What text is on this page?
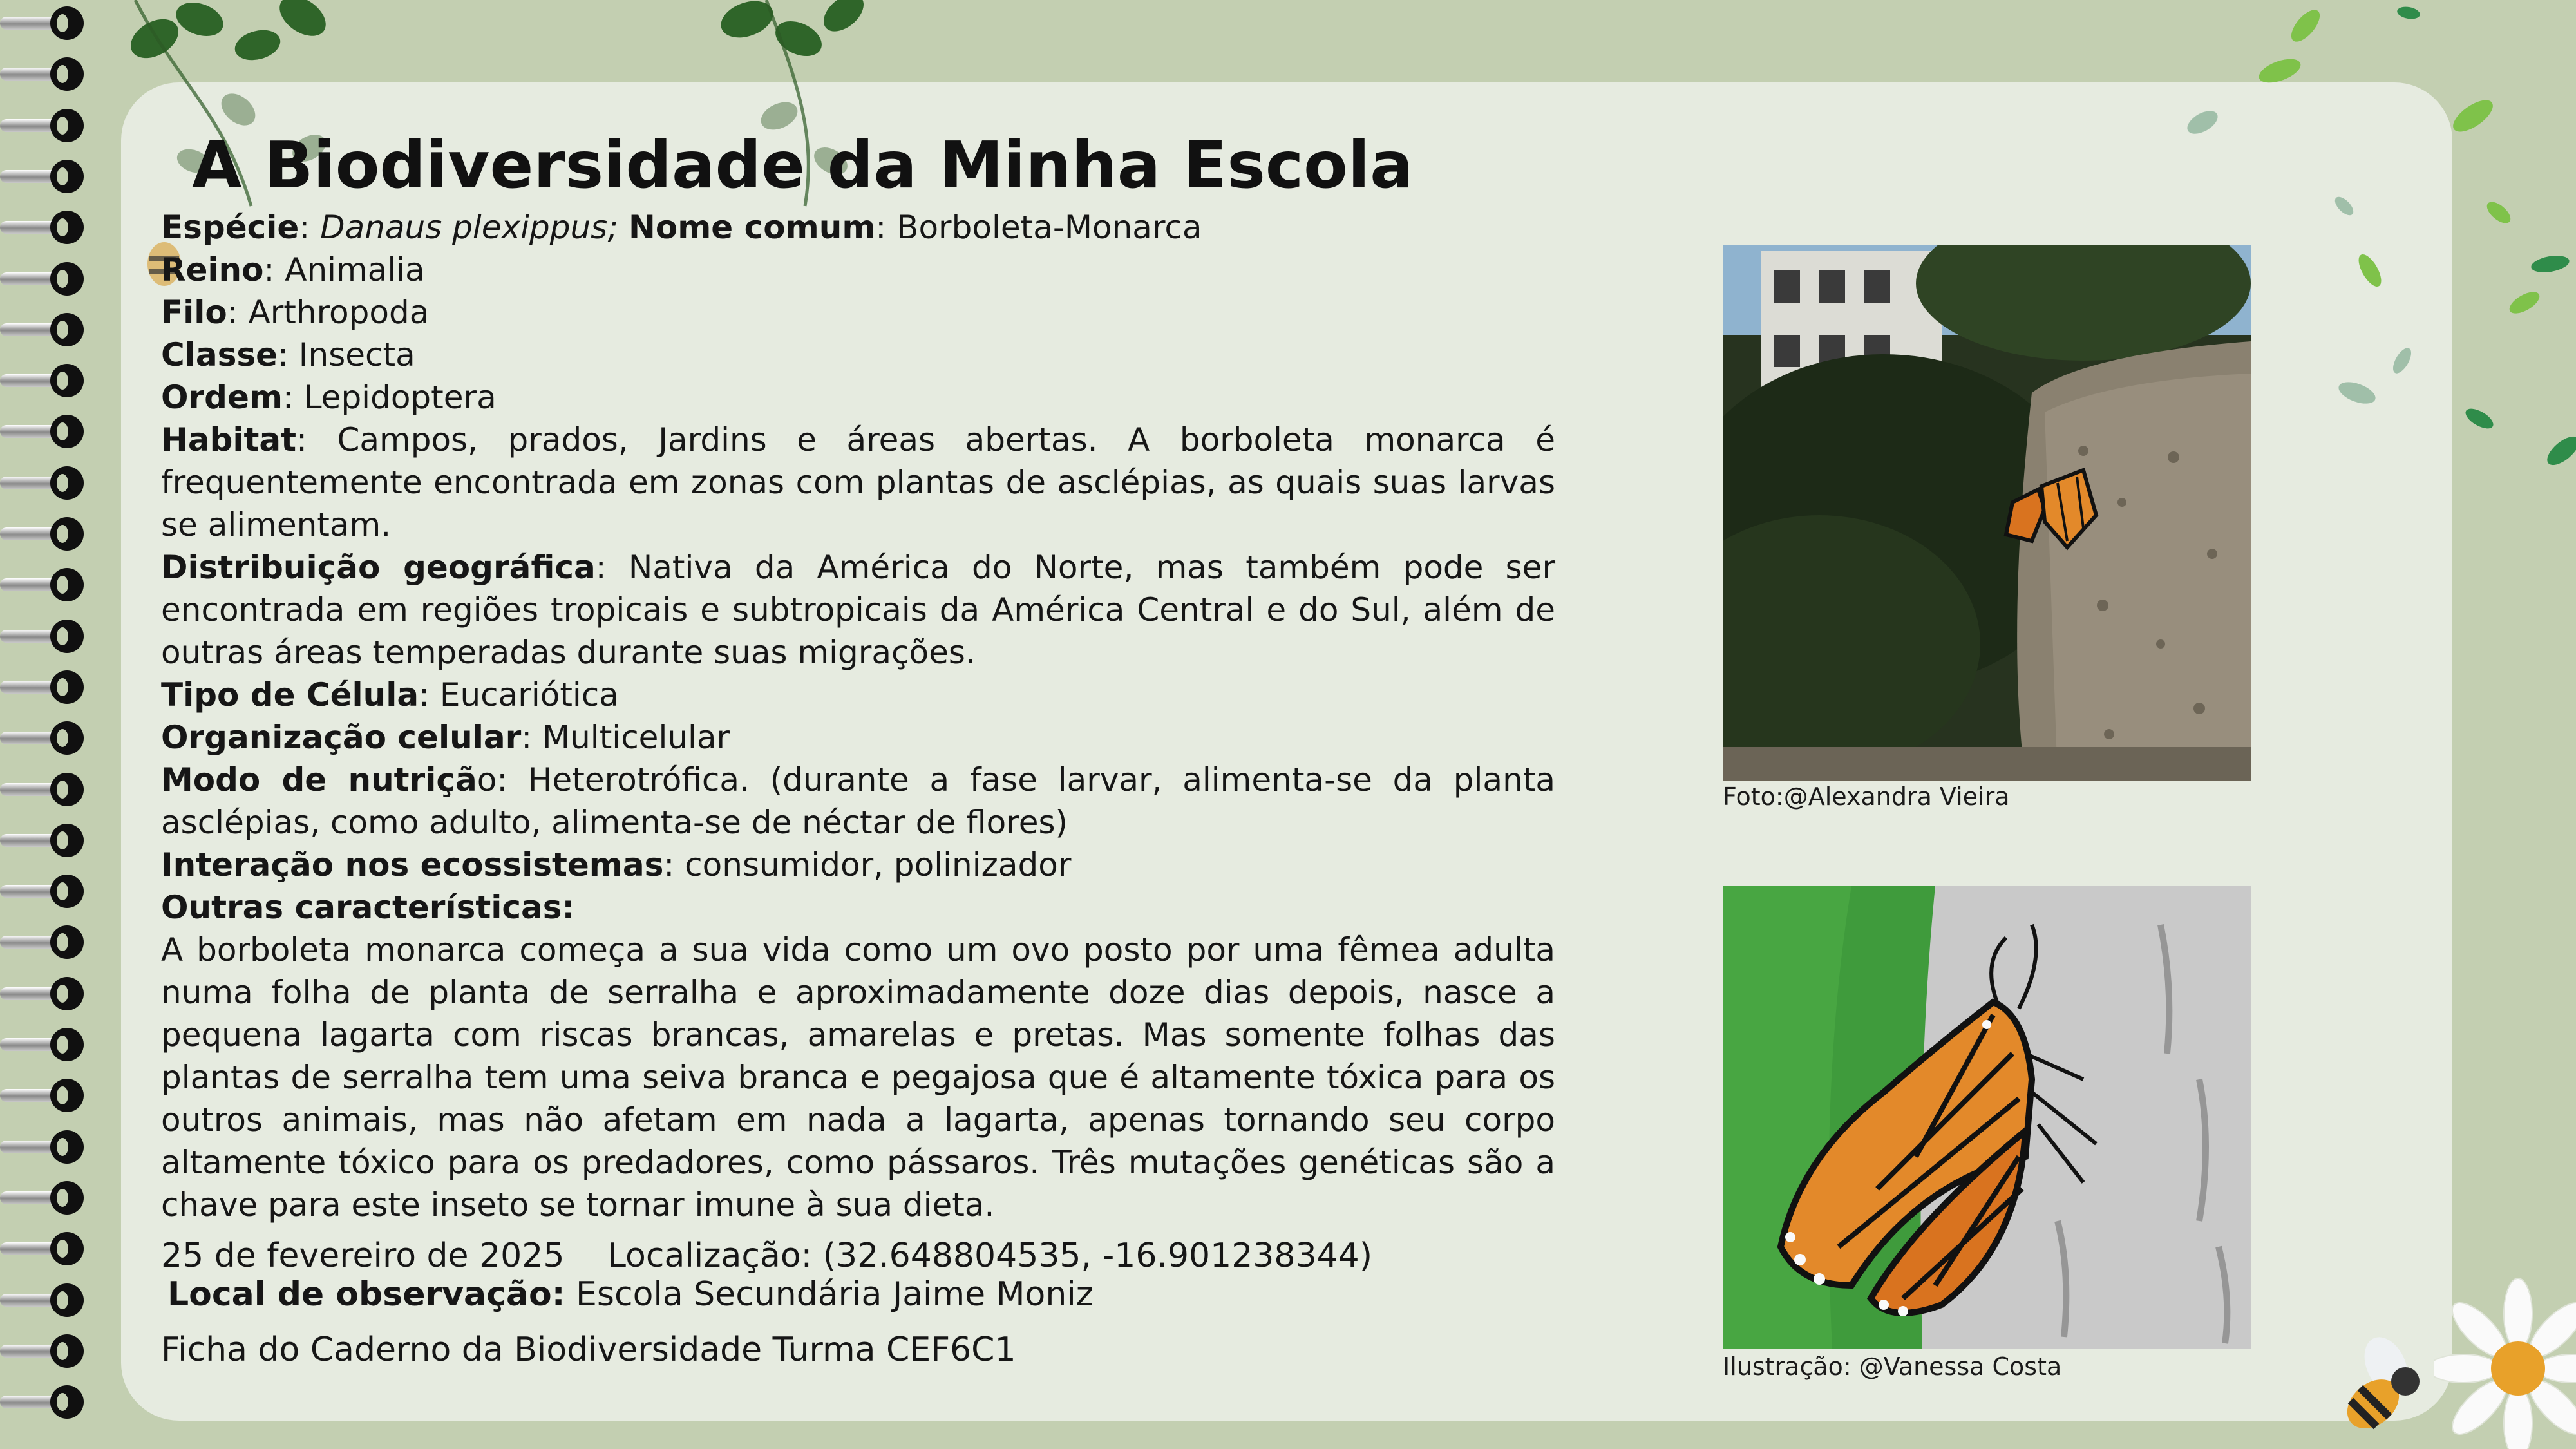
A Biodiversidade da Minha Escola
Espécie: Danaus plexippus; Nome comum: Borboleta-Monarca
Reino: Animalia
Filo: Arthropoda
Classe: Insecta
Ordem: Lepidoptera
Habitat: Campos, prados, Jardins e áreas abertas. A borboleta monarca é frequentemente encontrada em zonas com plantas de asclépias, as quais suas larvas se alimentam.
Distribuição geográfica: Nativa da América do Norte, mas também pode ser encontrada em regiões tropicais e subtropicais da América Central e do Sul, além de outras áreas temperadas durante suas migrações.
Tipo de Célula: Eucariótica
Organização celular: Multicelular
Modo de nutrição: Heterotrófica. (durante a fase larvar, alimenta-se da planta asclépias, como adulto, alimenta-se de néctar de flores)
Interação nos ecossistemas: consumidor, polinizador
Outras características:
A borboleta monarca começa a sua vida como um ovo posto por uma fêmea adulta numa folha de planta de serralha e aproximadamente doze dias depois, nasce a pequena lagarta com riscas brancas, amarelas e pretas. Mas somente folhas das plantas de serralha tem uma seiva branca e pegajosa que é altamente tóxica para os outros animais, mas não afetam em nada a lagarta, apenas tornando seu corpo altamente tóxico para os predadores, como pássaros. Três mutações genéticas são a chave para este inseto se tornar imune à sua dieta.
25 de fevereiro de 2025 Localização: (32.648804535, -16.901238344)
Local de observação: Escola Secundária Jaime Moniz
Ficha do Caderno da Biodiversidade Turma CEF6C1
Foto:@Alexandra Vieira
Ilustração: @Vanessa Costa
